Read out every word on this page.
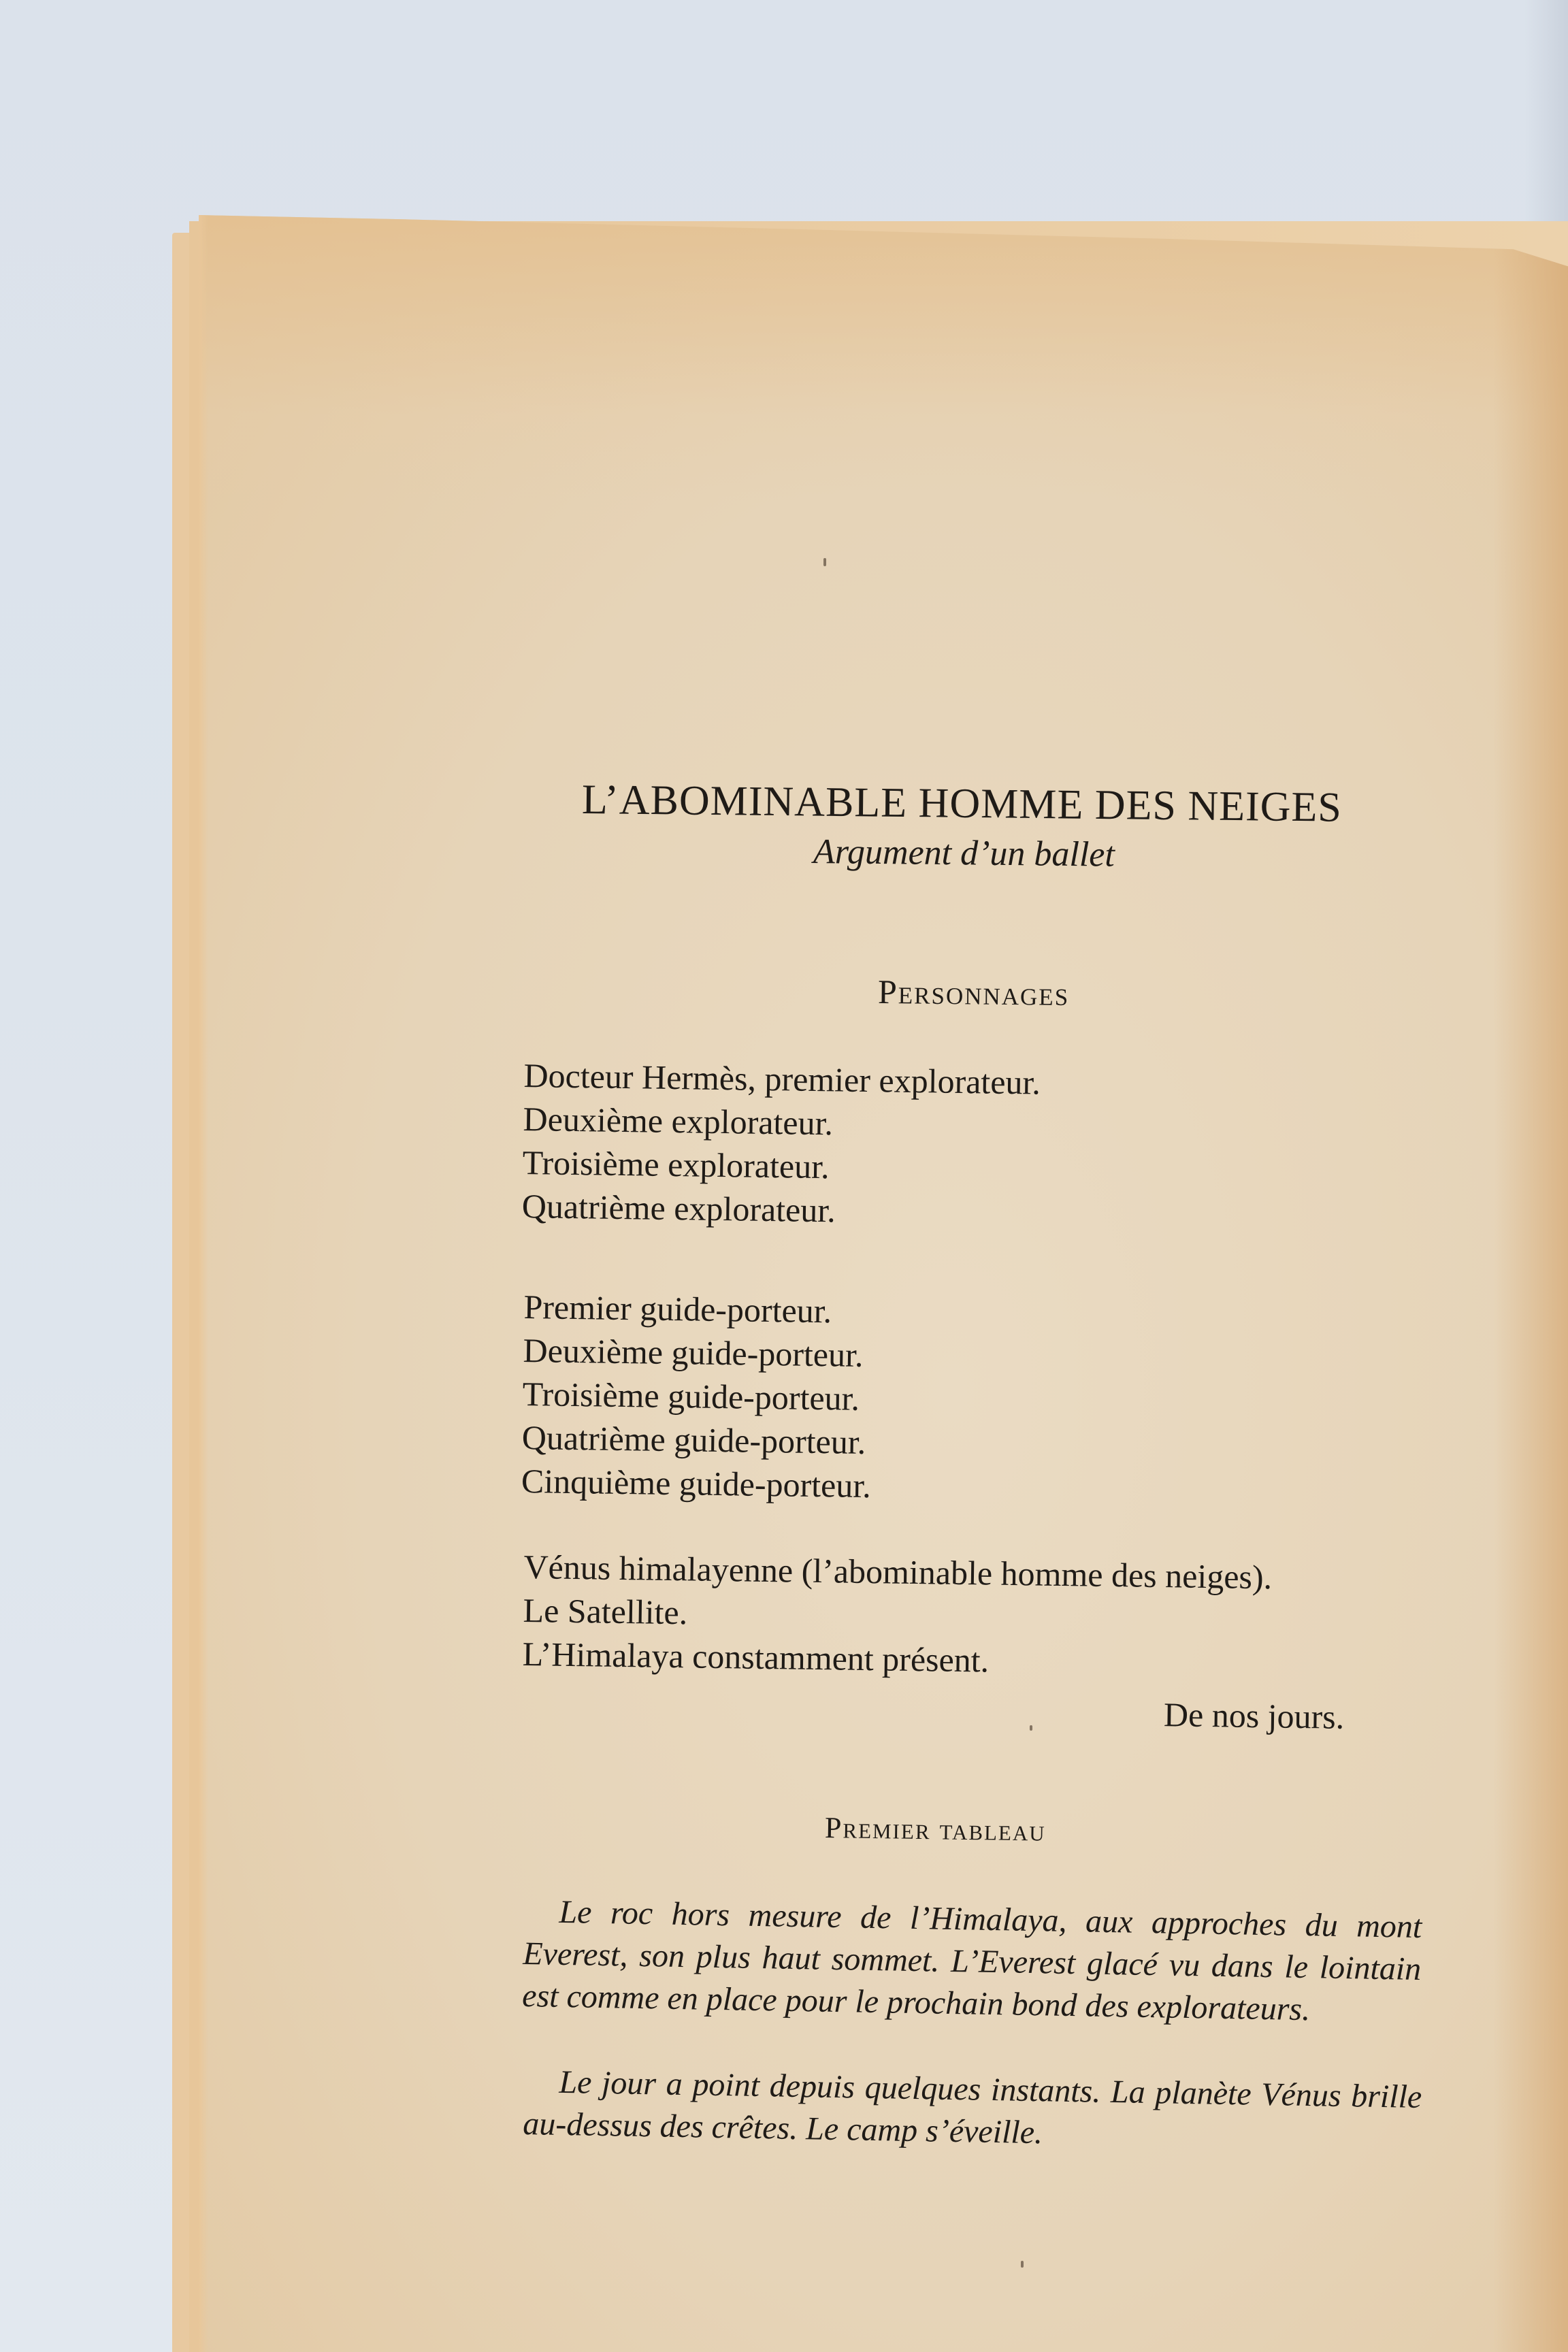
L’ABOMINABLE HOMME DES NEIGES
Argument d’un ballet
Personnages
Docteur Hermès, premier explorateur.
Deuxième explorateur.
Troisième explorateur.
Quatrième explorateur.
Premier guide-porteur.
Deuxième guide-porteur.
Troisième guide-porteur.
Quatrième guide-porteur.
Cinquième guide-porteur.
Vénus himalayenne (l’abominable homme des neiges).
Le Satellite.
L’Himalaya constamment présent.
De nos jours.
Premier tableau
Le roc hors mesure de l’Himalaya, aux approches du mont Everest, son plus haut sommet. L’Everest glacé vu dans le lointain est comme en place pour le prochain bond des explorateurs.
Le jour a point depuis quelques instants. La planète Vénus brille au-dessus des crêtes. Le camp s’éveille.
